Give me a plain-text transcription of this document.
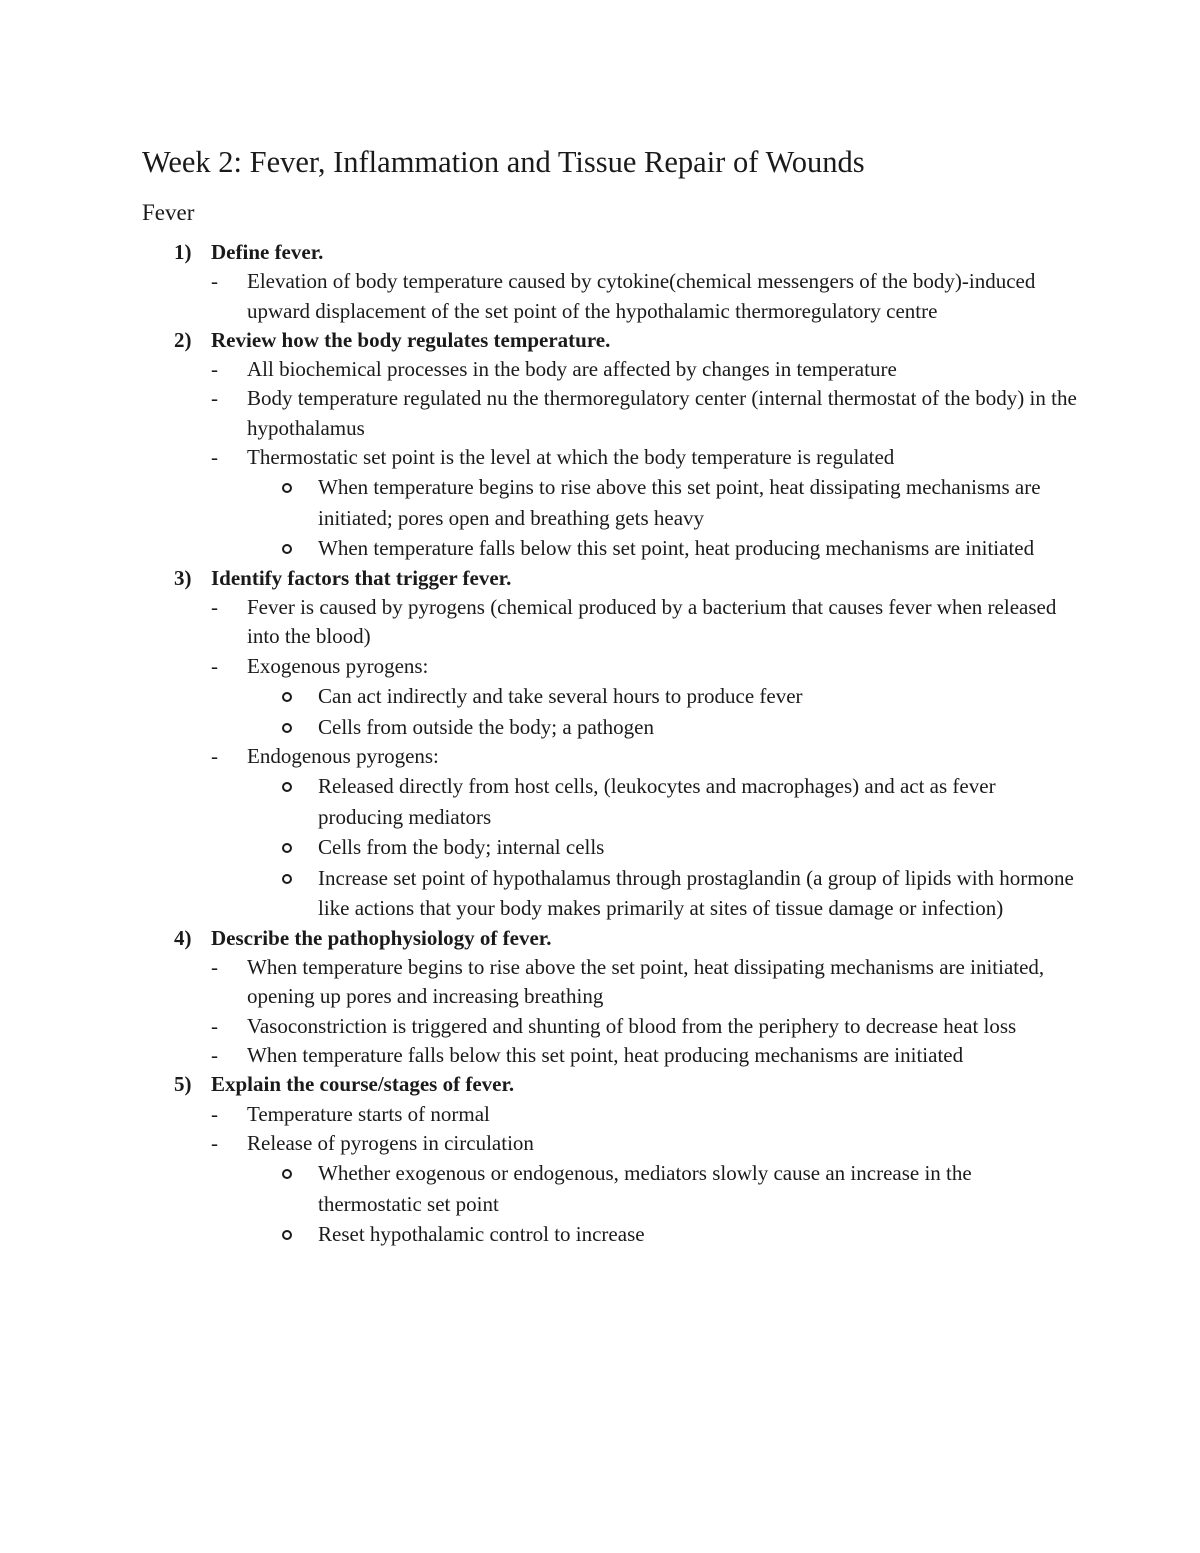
Week 2: Fever, Inflammation and Tissue Repair of Wounds
Fever
1) Define fever.
- Elevation of body temperature caused by cytokine(chemical messengers of the body)-induced upward displacement of the set point of the hypothalamic thermoregulatory centre
2) Review how the body regulates temperature.
- All biochemical processes in the body are affected by changes in temperature
- Body temperature regulated nu the thermoregulatory center (internal thermostat of the body) in the hypothalamus
- Thermostatic set point is the level at which the body temperature is regulated
When temperature begins to rise above this set point, heat dissipating mechanisms are initiated; pores open and breathing gets heavy
When temperature falls below this set point, heat producing mechanisms are initiated
3) Identify factors that trigger fever.
- Fever is caused by pyrogens (chemical produced by a bacterium that causes fever when released into the blood)
- Exogenous pyrogens:
Can act indirectly and take several hours to produce fever
Cells from outside the body; a pathogen
- Endogenous pyrogens:
Released directly from host cells, (leukocytes and macrophages) and act as fever producing mediators
Cells from the body; internal cells
Increase set point of hypothalamus through prostaglandin (a group of lipids with hormone like actions that your body makes primarily at sites of tissue damage or infection)
4) Describe the pathophysiology of fever.
- When temperature begins to rise above the set point, heat dissipating mechanisms are initiated, opening up pores and increasing breathing
- Vasoconstriction is triggered and shunting of blood from the periphery to decrease heat loss
- When temperature falls below this set point, heat producing mechanisms are initiated
5) Explain the course/stages of fever.
- Temperature starts of normal
- Release of pyrogens in circulation
Whether exogenous or endogenous, mediators slowly cause an increase in the thermostatic set point
Reset hypothalamic control to increase
